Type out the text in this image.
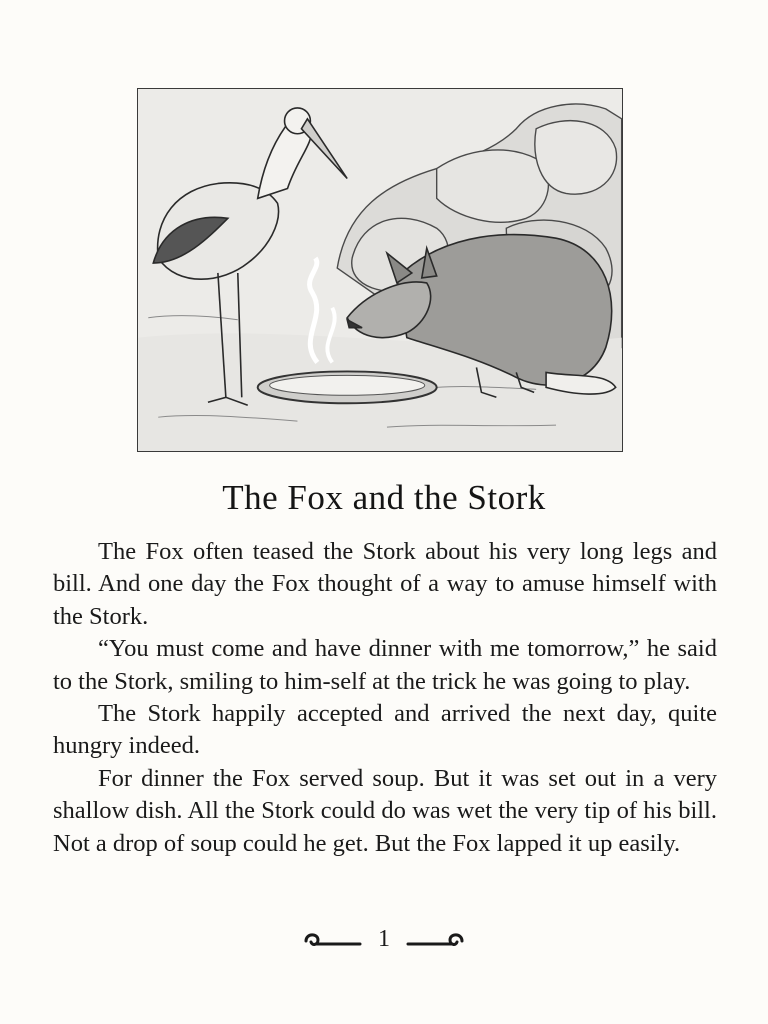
The Fox and the Stork

The Fox often teased the Stork about his very long legs and bill. And one day the Fox thought of a way to amuse himself with the Stork.

“You must come and have dinner with me tomorrow,” he said to the Stork, smiling to him-self at the trick he was going to play.

The Stork happily accepted and arrived the next day, quite hungry indeed.

For dinner the Fox served soup. But it was set out in a very shallow dish. All the Stork could do was wet the very tip of his bill. Not a drop of soup could he get. But the Fox lapped it up easily.

1
